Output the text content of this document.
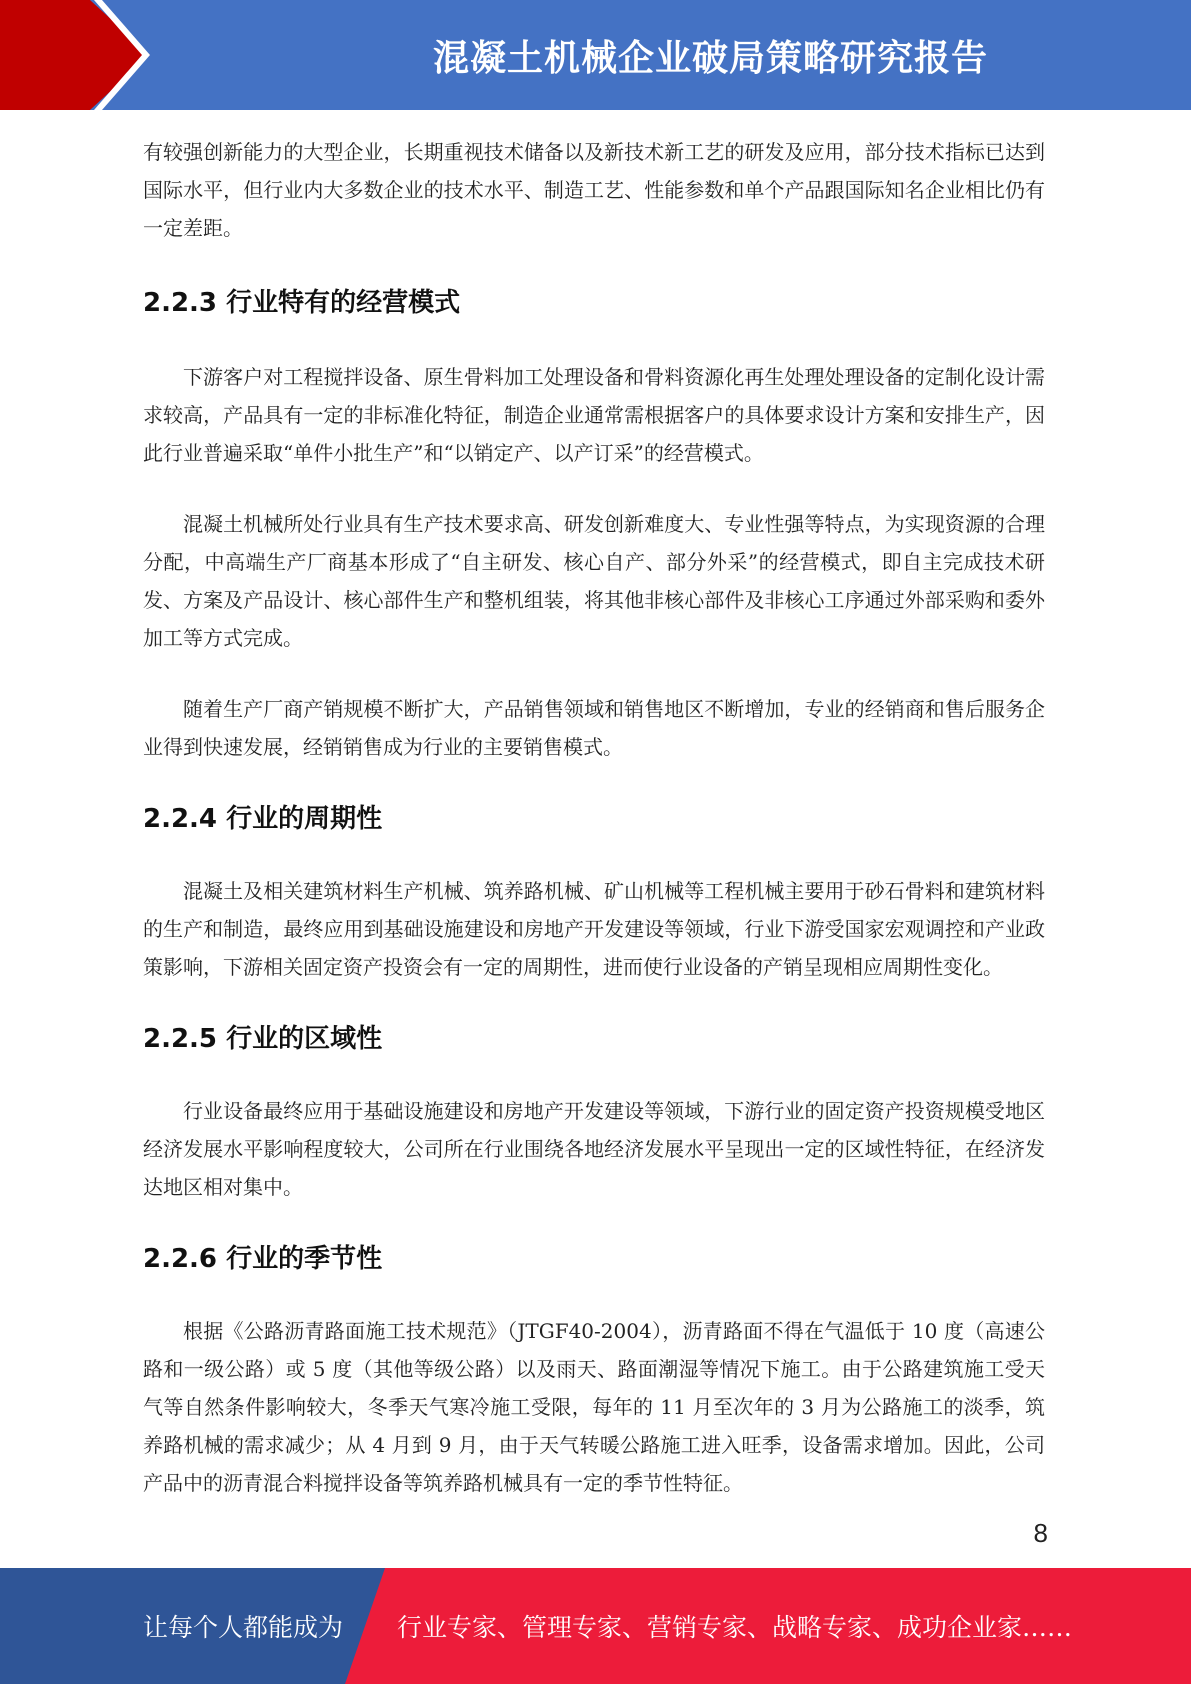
混凝土机械企业破局策略研究报告

有较强创新能力的大型企业，长期重视技术储备以及新技术新工艺的研发及应用，部分技术指标已达到国际水平，但行业内大多数企业的技术水平、制造工艺、性能参数和单个产品跟国际知名企业相比仍有一定差距。

2.2.3 行业特有的经营模式

下游客户对工程搅拌设备、原生骨料加工处理设备和骨料资源化再生处理处理设备的定制化设计需求较高，产品具有一定的非标准化特征，制造企业通常需根据客户的具体要求设计方案和安排生产，因此行业普遍采取“单件小批生产”和“以销定产、以产订采”的经营模式。

混凝土机械所处行业具有生产技术要求高、研发创新难度大、专业性强等特点，为实现资源的合理分配，中高端生产厂商基本形成了“自主研发、核心自产、部分外采”的经营模式，即自主完成技术研发、方案及产品设计、核心部件生产和整机组装，将其他非核心部件及非核心工序通过外部采购和委外加工等方式完成。

随着生产厂商产销规模不断扩大，产品销售领域和销售地区不断增加，专业的经销商和售后服务企业得到快速发展，经销销售成为行业的主要销售模式。

2.2.4 行业的周期性

混凝土及相关建筑材料生产机械、筑养路机械、矿山机械等工程机械主要用于砂石骨料和建筑材料的生产和制造，最终应用到基础设施建设和房地产开发建设等领域，行业下游受国家宏观调控和产业政策影响，下游相关固定资产投资会有一定的周期性，进而使行业设备的产销呈现相应周期性变化。

2.2.5 行业的区域性

行业设备最终应用于基础设施建设和房地产开发建设等领域，下游行业的固定资产投资规模受地区经济发展水平影响程度较大，公司所在行业围绕各地经济发展水平呈现出一定的区域性特征，在经济发达地区相对集中。

2.2.6 行业的季节性

根据《公路沥青路面施工技术规范》（JTGF40-2004），沥青路面不得在气温低于 10 度（高速公路和一级公路）或 5 度（其他等级公路）以及雨天、路面潮湿等情况下施工。由于公路建筑施工受天气等自然条件影响较大，冬季天气寒冷施工受限，每年的 11 月至次年的 3 月为公路施工的淡季，筑养路机械的需求减少；从 4 月到 9 月，由于天气转暖公路施工进入旺季，设备需求增加。因此，公司产品中的沥青混合料搅拌设备等筑养路机械具有一定的季节性特征。

8
让每个人都能成为 行业专家、管理专家、营销专家、战略专家、成功企业家……
